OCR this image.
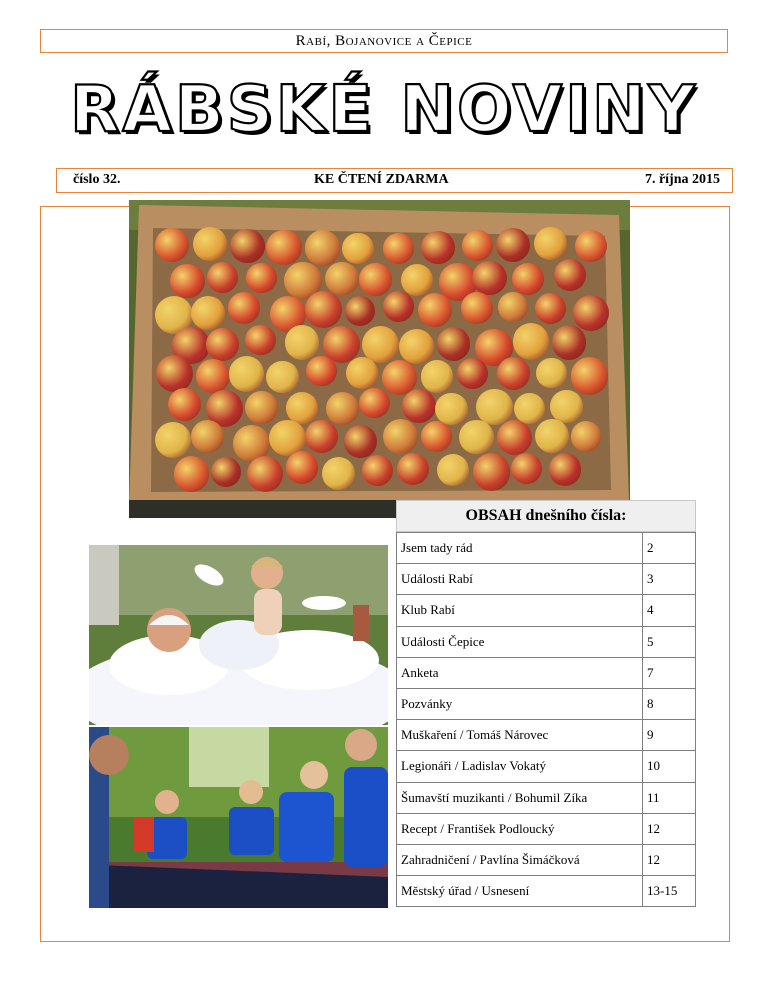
Rabí, Bojanovice a Čepice
RÁBSKÉ NOVINY
číslo 32.	KE ČTENÍ ZDARMA	7. října 2015
OBSAH dnešního čísla:
Jsem tady rád	2
Události Rabí	3
Klub Rabí	4
Události Čepice	5
Anketa	7
Pozvánky	8
Muškaření / Tomáš Nárovec	9
Legionáři / Ladislav Vokatý	10
Šumavští muzikanti / Bohumil Zíka	11
Recept / František Podloucký	12
Zahradničení / Pavlína Šimáčková	12
Městský úřad / Usnesení	13-15
